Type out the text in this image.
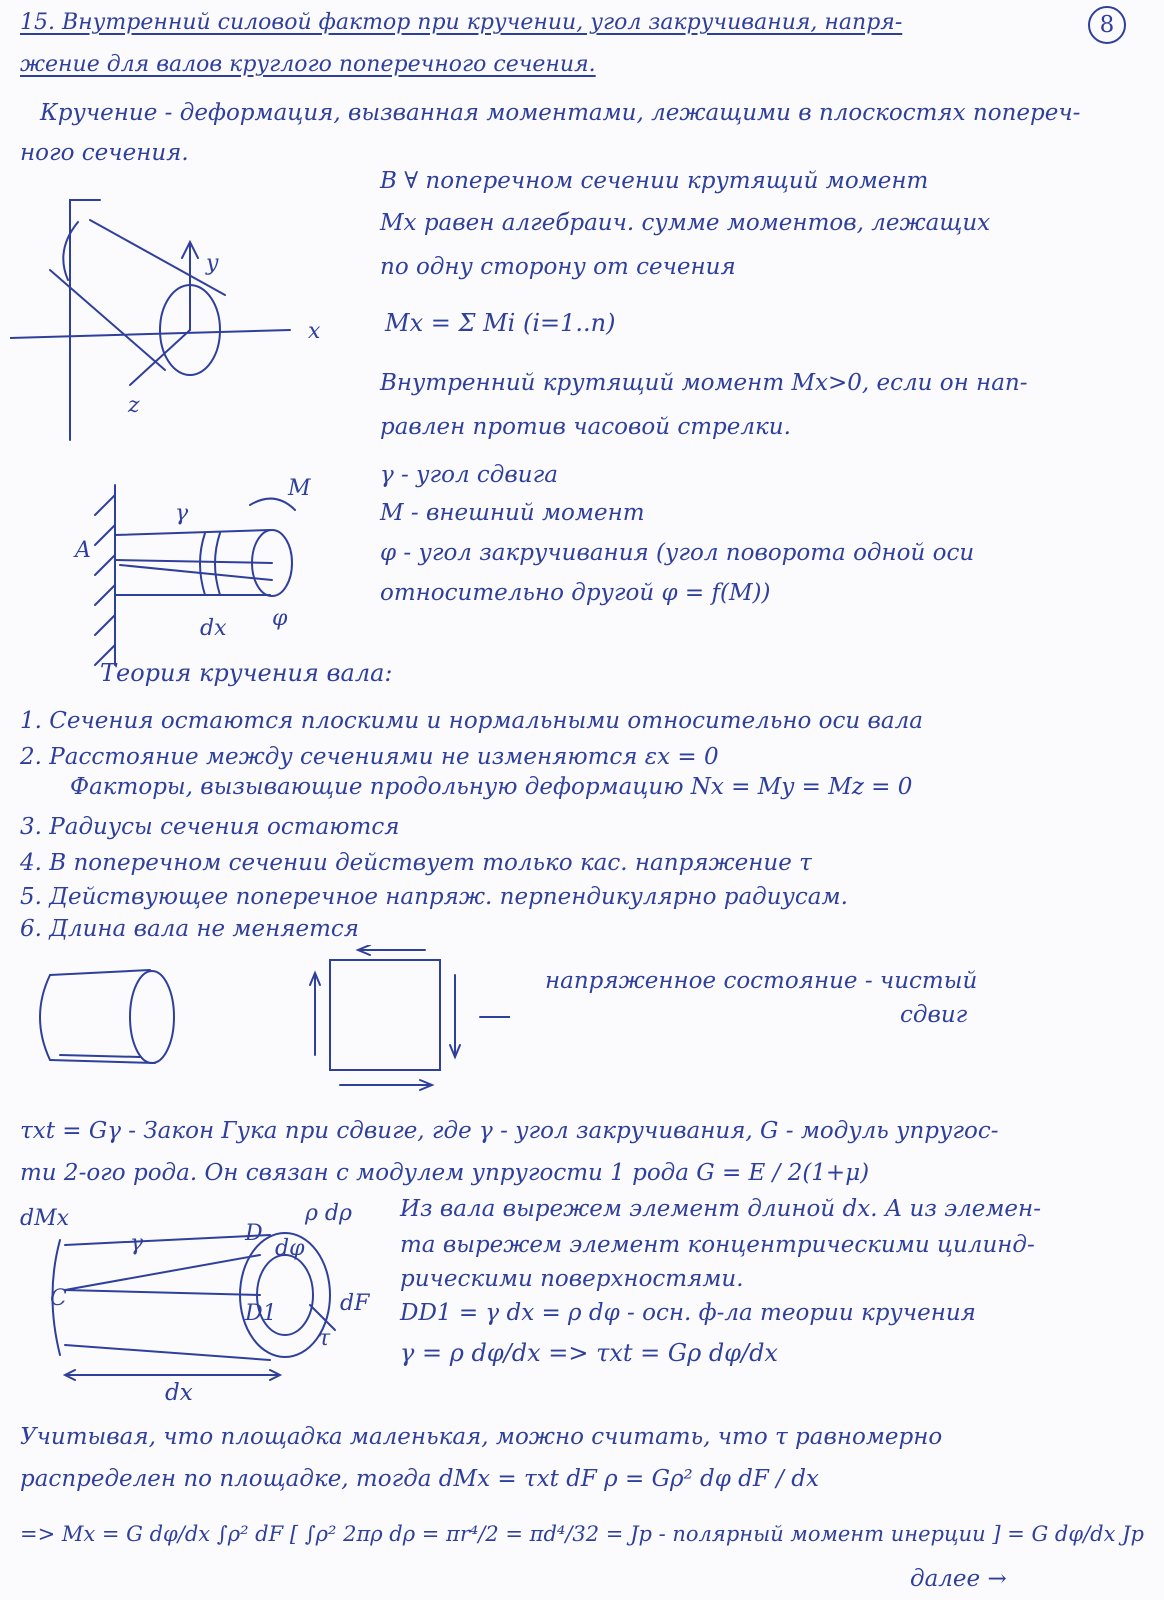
15. Внутренний силовой фактор при кручении, угол закручивания, напря-	8
жение для валов круглого поперечного сечения.
Кручение - деформация, вызванная моментами, лежащими в плоскостях попереч-
ного сечения.
y
x
z
В ∀ поперечном сечении крутящий момент
Mx равен алгебраич. сумме моментов, лежащих
по одну сторону от сечения
Mx = Σ Mi (i=1..n)
Внутренний крутящий момент Mx>0, если он нап-
равлен против часовой стрелки.
A
γ
M
dx φ
γ - угол сдвига
M - внешний момент
φ - угол закручивания (угол поворота одной оси
относительно другой φ = f(M))
Теория кручения вала:
1. Сечения остаются плоскими и нормальными относительно оси вала
2. Расстояние между сечениями не изменяются εx = 0
Факторы, вызывающие продольную деформацию Nx = My = Mz = 0
3. Радиусы сечения остаются
4. В поперечном сечении действует только кас. напряжение τ
5. Действующее поперечное напряж. перпендикулярно радиусам.
6. Длина вала не меняется
напряженное состояние - чистый
сдвиг
τxt = Gγ - Закон Гука при сдвиге, где γ - угол закручивания, G - модуль упругос-
ти 2-ого рода. Он связан с модулем упругости 1 рода G = E / 2(1+μ)
dMx
γ
C
D
D1
ρ dρ
dφ
dF
τ
dx
Из вала вырежем элемент длиной dx. А из элемен-
та вырежем элемент концентрическими цилинд-
рическими поверхностями.
DD1 = γ dx = ρ dφ - осн. ф-ла теории кручения
γ = ρ dφ/dx => τxt = Gρ dφ/dx
Учитывая, что площадка маленькая, можно считать, что τ равномерно
распределен по площадке, тогда dMx = τxt dF ρ = Gρ² dφ dF / dx
=> Mx = G dφ/dx ∫ρ² dF [ ∫ρ² 2πρ dρ = πr⁴/2 = πd⁴/32 = Jp - полярный момент инерции ] = G dφ/dx Jp
далее →
